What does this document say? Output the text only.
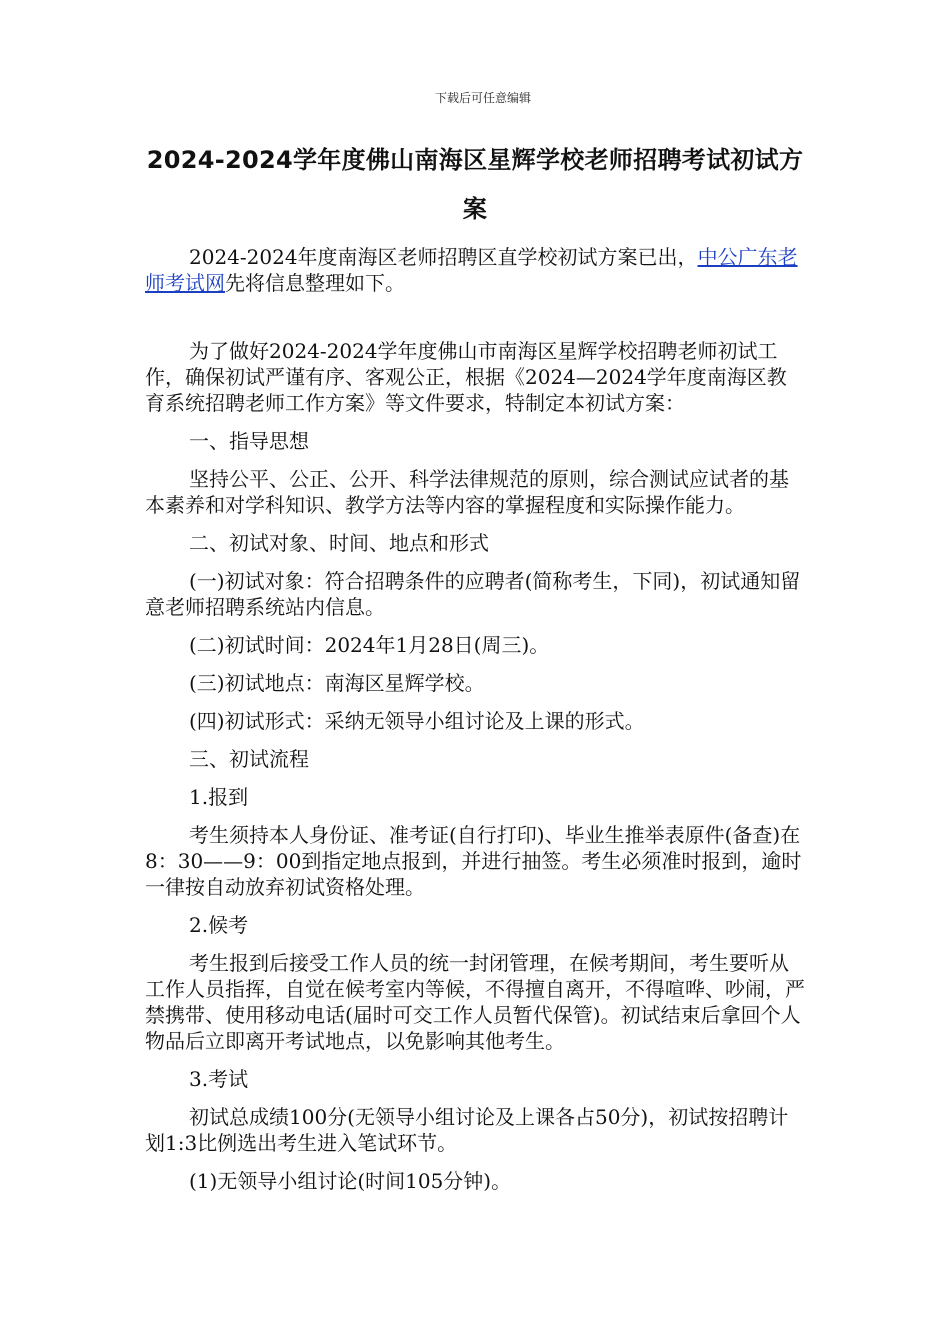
下载后可任意编辑
2024-2024学年度佛山南海区星辉学校老师招聘考试初试方案

2024-2024年度南海区老师招聘区直学校初试方案已出，中公广东老师考试网先将信息整理如下。

为了做好2024-2024学年度佛山市南海区星辉学校招聘老师初试工作，确保初试严谨有序、客观公正，根据《2024—2024学年度南海区教育系统招聘老师工作方案》等文件要求，特制定本初试方案：

一、指导思想

坚持公平、公正、公开、科学法律规范的原则，综合测试应试者的基本素养和对学科知识、教学方法等内容的掌握程度和实际操作能力。

二、初试对象、时间、地点和形式

(一)初试对象：符合招聘条件的应聘者(简称考生，下同)，初试通知留意老师招聘系统站内信息。

(二)初试时间：2024年1月28日(周三)。

(三)初试地点：南海区星辉学校。

(四)初试形式：采纳无领导小组讨论及上课的形式。

三、初试流程

1.报到

考生须持本人身份证、准考证(自行打印)、毕业生推举表原件(备查)在8：30——9：00到指定地点报到，并进行抽签。考生必须准时报到，逾时一律按自动放弃初试资格处理。

2.候考

考生报到后接受工作人员的统一封闭管理，在候考期间，考生要听从工作人员指挥，自觉在候考室内等候，不得擅自离开，不得喧哗、吵闹，严禁携带、使用移动电话(届时可交工作人员暂代保管)。初试结束后拿回个人物品后立即离开考试地点，以免影响其他考生。

3.考试

初试总成绩100分(无领导小组讨论及上课各占50分)，初试按招聘计划1:3比例选出考生进入笔试环节。

(1)无领导小组讨论(时间105分钟)。
